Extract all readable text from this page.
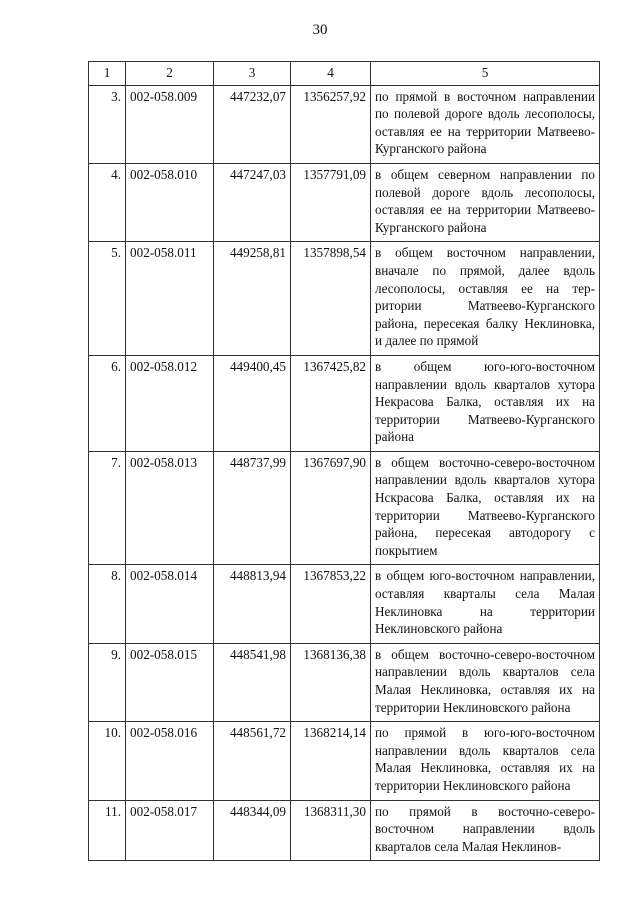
30
1	2	3	4	5
3.	002-058.009	447232,07	1356257,92	по прямой в восточном направлении по полевой дороге вдоль лесополосы, оставляя ее на территории Матвеево-Курганского района
4.	002-058.010	447247,03	1357791,09	в общем северном направлении по полевой дороге вдоль лесополосы, оставляя ее на территории Матвеево-Курганского района
5.	002-058.011	449258,81	1357898,54	в общем восточном направлении, вначале по прямой, далее вдоль лесополосы, оставляя ее на территории Матвеево-Курганского района, пересекая балку Неклиновка, и далее по прямой
6.	002-058.012	449400,45	1367425,82	в общем юго-юго-восточном направлении вдоль кварталов хутора Некрасова Балка, оставляя их на территории Матвеево-Курганского района
7.	002-058.013	448737,99	1367697,90	в общем восточно-северо-восточном направлении вдоль кварталов хутора Нскрасова Балка, оставляя их на территории Матвеево-Курганского района, пересекая автодорогу с покрытием
8.	002-058.014	448813,94	1367853,22	в общем юго-восточном направлении, оставляя кварталы села Малая Неклиновка на территории Неклиновского района
9.	002-058.015	448541,98	1368136,38	в общем восточно-северо-восточном направлении вдоль кварталов села Малая Неклиновка, оставляя их на территории Неклиновского района
10.	002-058.016	448561,72	1368214,14	по прямой в юго-юго-восточном направлении вдоль кварталов села Малая Неклиновка, оставляя их на территории Неклиновского района
11.	002-058.017	448344,09	1368311,30	по прямой в восточно-северовосточном направлении вдоль кварталов села Малая Неклинов-
